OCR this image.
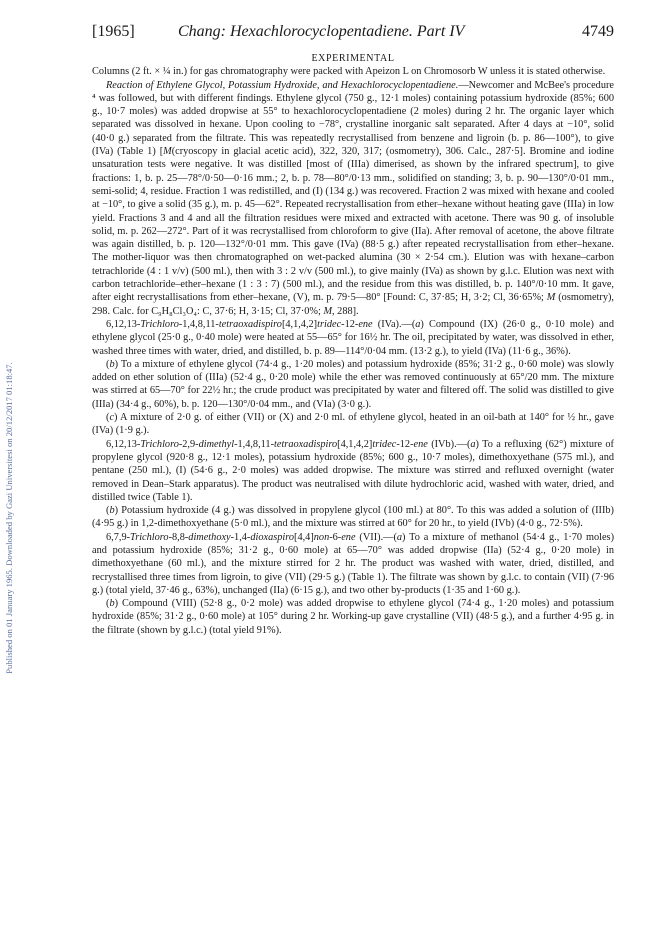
Published on 01 January 1965. Downloaded by Gazi Universitesi on 20/12/2017 01:18:47.
[1965]	Chang: Hexachlorocyclopentadiene. Part IV	4749

EXPERIMENTAL

Columns (2 ft. × ¼ in.) for gas chromatography were packed with Apeizon L on Chromosorb W unless it is stated otherwise.

Reaction of Ethylene Glycol, Potassium Hydroxide, and Hexachlorocyclopentadiene.—Newcomer and McBee's procedure ⁴ was followed, but with different findings. Ethylene glycol (750 g., 12·1 moles) containing potassium hydroxide (85%; 600 g., 10·7 moles) was added dropwise at 55° to hexachlorocyclopentadiene (2 moles) during 2 hr. The organic layer which separated was dissolved in hexane. Upon cooling to −78°, crystalline inorganic salt separated. After 4 days at −10°, solid (40·0 g.) separated from the filtrate. This was repeatedly recrystallised from benzene and ligroin (b. p. 86—100°), to give (IVa) (Table 1) [M(cryoscopy in glacial acetic acid), 322, 320, 317; (osmometry), 306. Calc., 287·5]. Bromine and iodine unsaturation tests were negative. It was distilled [most of (IIIa) dimerised, as shown by the infrared spectrum], to give fractions: 1, b. p. 25—78°/0·50—0·16 mm.; 2, b. p. 78—80°/0·13 mm., solidified on standing; 3, b. p. 90—130°/0·01 mm., semi-solid; 4, residue. Fraction 1 was redistilled, and (I) (134 g.) was recovered. Fraction 2 was mixed with hexane and cooled at −10°, to give a solid (35 g.), m. p. 45—62°. Repeated recrystallisation from ether–hexane without heating gave (IIIa) in low yield. Fractions 3 and 4 and all the filtration residues were mixed and extracted with acetone. There was 90 g. of insoluble solid, m. p. 262—272°. Part of it was recrystallised from chloroform to give (IIa). After removal of acetone, the above filtrate was again distilled, b. p. 120—132°/0·01 mm. This gave (IVa) (88·5 g.) after repeated recrystallisation from ether–hexane. The mother-liquor was then chromatographed on wet-packed alumina (30 × 2·54 cm.). Elution was with hexane–carbon tetrachloride (4 : 1 v/v) (500 ml.), then with 3 : 2 v/v (500 ml.), to give mainly (IVa) as shown by g.l.c. Elution was next with carbon tetrachloride–ether–hexane (1 : 3 : 7) (500 ml.), and the residue from this was distilled, b. p. 140°/0·10 mm. It gave, after eight recrystallisations from ether–hexane, (V), m. p. 79·5—80° [Found: C, 37·85; H, 3·2; Cl, 36·65%; M (osmometry), 298. Calc. for C₉H₈Cl₃O₄: C, 37·6; H, 3·15; Cl, 37·0%; M, 288].

6,12,13-Trichloro-1,4,8,11-tetraoxadispiro[4,1,4,2]tridec-12-ene (IVa).—(a) Compound (IX) (26·0 g., 0·10 mole) and ethylene glycol (25·0 g., 0·40 mole) were heated at 55—65° for 16½ hr. The oil, precipitated by water, was dissolved in ether, washed three times with water, dried, and distilled, b. p. 89—114°/0·04 mm. (13·2 g.), to yield (IVa) (11·6 g., 36%).

(b) To a mixture of ethylene glycol (74·4 g., 1·20 moles) and potassium hydroxide (85%; 31·2 g., 0·60 mole) was slowly added on ether solution of (IIIa) (52·4 g., 0·20 mole) while the ether was removed continuously at 65°/20 mm. The mixture was stirred at 65—70° for 22½ hr.; the crude product was precipitated by water and filtered off. The solid was distilled to give (IIIa) (34·4 g., 60%), b. p. 120—130°/0·04 mm., and (VIa) (3·0 g.).

(c) A mixture of 2·0 g. of either (VII) or (X) and 2·0 ml. of ethylene glycol, heated in an oil-bath at 140° for ½ hr., gave (IVa) (1·9 g.).

6,12,13-Trichloro-2,9-dimethyl-1,4,8,11-tetraoxadispiro[4,1,4,2]tridec-12-ene (IVb).—(a) To a refluxing (62°) mixture of propylene glycol (920·8 g., 12·1 moles), potassium hydroxide (85%; 600 g., 10·7 moles), dimethoxyethane (575 ml.), and pentane (250 ml.), (I) (54·6 g., 2·0 moles) was added dropwise. The mixture was stirred and refluxed overnight (water removed in Dean–Stark apparatus). The product was neutralised with dilute hydrochloric acid, washed with water, dried, and distilled twice (Table 1).

(b) Potassium hydroxide (4 g.) was dissolved in propylene glycol (100 ml.) at 80°. To this was added a solution of (IIIb) (4·95 g.) in 1,2-dimethoxyethane (5·0 ml.), and the mixture was stirred at 60° for 20 hr., to yield (IVb) (4·0 g., 72·5%).

6,7,9-Trichloro-8,8-dimethoxy-1,4-dioxaspiro[4,4]non-6-ene (VII).—(a) To a mixture of methanol (54·4 g., 1·70 moles) and potassium hydroxide (85%; 31·2 g., 0·60 mole) at 65—70° was added dropwise (IIa) (52·4 g., 0·20 mole) in dimethoxyethane (60 ml.), and the mixture stirred for 2 hr. The product was washed with water, dried, distilled, and recrystallised three times from ligroin, to give (VII) (29·5 g.) (Table 1). The filtrate was shown by g.l.c. to contain (VII) (7·96 g.) (total yield, 37·46 g., 63%), unchanged (IIa) (6·15 g.), and two other by-products (1·35 and 1·60 g.).

(b) Compound (VIII) (52·8 g., 0·2 mole) was added dropwise to ethylene glycol (74·4 g., 1·20 moles) and potassium hydroxide (85%; 31·2 g., 0·60 mole) at 105° during 2 hr. Working-up gave crystalline (VII) (48·5 g.), and a further 4·95 g. in the filtrate (shown by g.l.c.) (total yield 91%).
